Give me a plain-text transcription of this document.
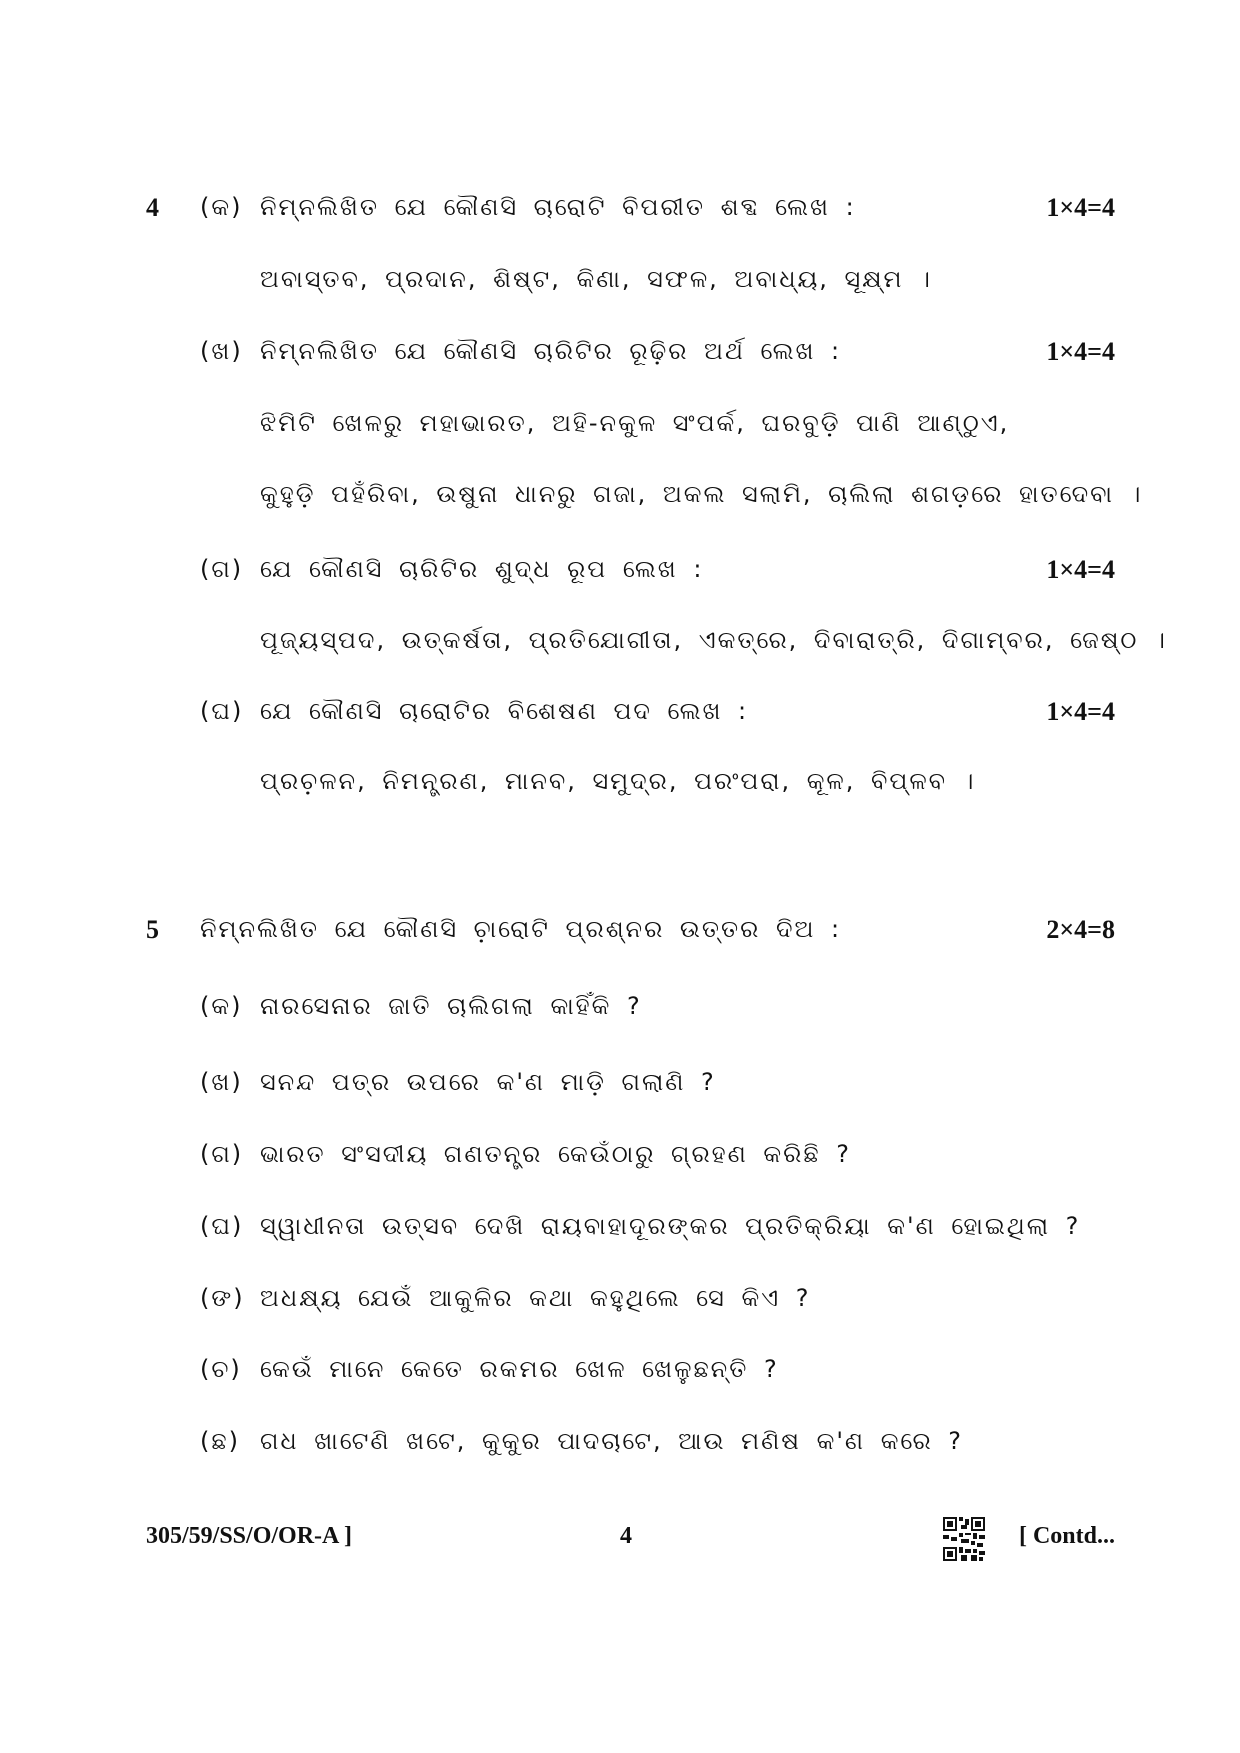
4 (କ) ନିମ୍ନଲିଖିତ ଯେ କୌଣସି ଚାରୋଟି ବିପରୀତ ଶବ୍ଦ ଲେଖ :	1×4=4
ଅବାସ୍ତବ, ପ୍ରଦାନ, ଶିଷ୍ଟ, କିଣା, ସଫଳ, ଅବାଧ୍ୟ, ସୂକ୍ଷ୍ମ ।
(ଖ) ନିମ୍ନଲିଖିତ ଯେ କୌଣସି ଚାରିଟିର ରୂଢ଼ିର ଅର୍ଥ ଲେଖ :	1×4=4
ଝିମିଟି ଖେଳରୁ ମହାଭାରତ, ଅହି-ନକୁଳ ସଂପର୍କ, ଘରବୁଡ଼ି ପାଣି ଆଣ୍ଠୁଏ,
କୁହୁଡ଼ି ପହଁରିବା, ଉଷୁନା ଧାନରୁ ଗଜା, ଅକଲ ସଲାମି, ଚାଲିଲା ଶଗଡ଼ରେ ହାତଦେବା ।
(ଗ) ଯେ କୌଣସି ଚାରିଟିର ଶୁଦ୍ଧ ରୂପ ଲେଖ :	1×4=4
ପୂଜ୍ୟସ୍ପଦ, ଉତ୍କର୍ଷତା, ପ୍ରତିଯୋଗୀତା, ଏକତ୍ରେ, ଦିବାରାତ୍ରି, ଦିଗାମ୍ବର, ଜେଷ୍ଠ ।
(ଘ) ଯେ କୌଣସି ଚାରୋଟିର ବିଶେଷଣ ପଦ ଲେଖ :	1×4=4
ପ୍ରଚ଼ଳନ, ନିମନ୍ତ୍ରଣ, ମାନବ, ସମୁଦ୍ର, ପରଂପରା, କୂଳ, ବିପ୍ଳବ ।
5 ନିମ୍ନଲିଖିତ ଯେ କୌଣସି ଚ଼ାରୋଟି ପ୍ରଶ୍ନର ଉତ୍ତର ଦିଅ :	2×4=8
(କ) ନାରସେନାର ଜାତି ଚାଲିଗଲା କାହିଁକି ?
(ଖ) ସନନ୍ଦ ପତ୍ର ଉପରେ କ'ଣ ମାଡ଼ି ଗଲାଣି ?
(ଗ) ଭାରତ ସଂସଦୀୟ ଗଣତନ୍ତ୍ର କେଉଁଠାରୁ ଗ୍ରହଣ କରିଛି ?
(ଘ) ସ୍ୱାଧୀନତା ଉତ୍ସବ ଦେଖି ରାୟବାହାଦୂରଙ୍କର ପ୍ରତିକ୍ରିୟା କ'ଣ ହୋଇଥିଲା ?
(ଙ) ଅଧକ୍ଷ୍ୟ ଯେଉଁ ଆକୁଳିର କଥା କହୁଥିଲେ ସେ କିଏ ?
(ଚ) କେଉଁ ମାନେ କେତେ ରକମର ଖେଳ ଖେଳୁଛନ୍ତି ?
(ଛ) ଗଧ ଖାଟେଣି ଖଟେ, କୁକୁର ପାଦଚାଟେ, ଆଉ ମଣିଷ କ'ଣ କରେ ?
305/59/SS/O/OR-A ]	4	[ Contd...
